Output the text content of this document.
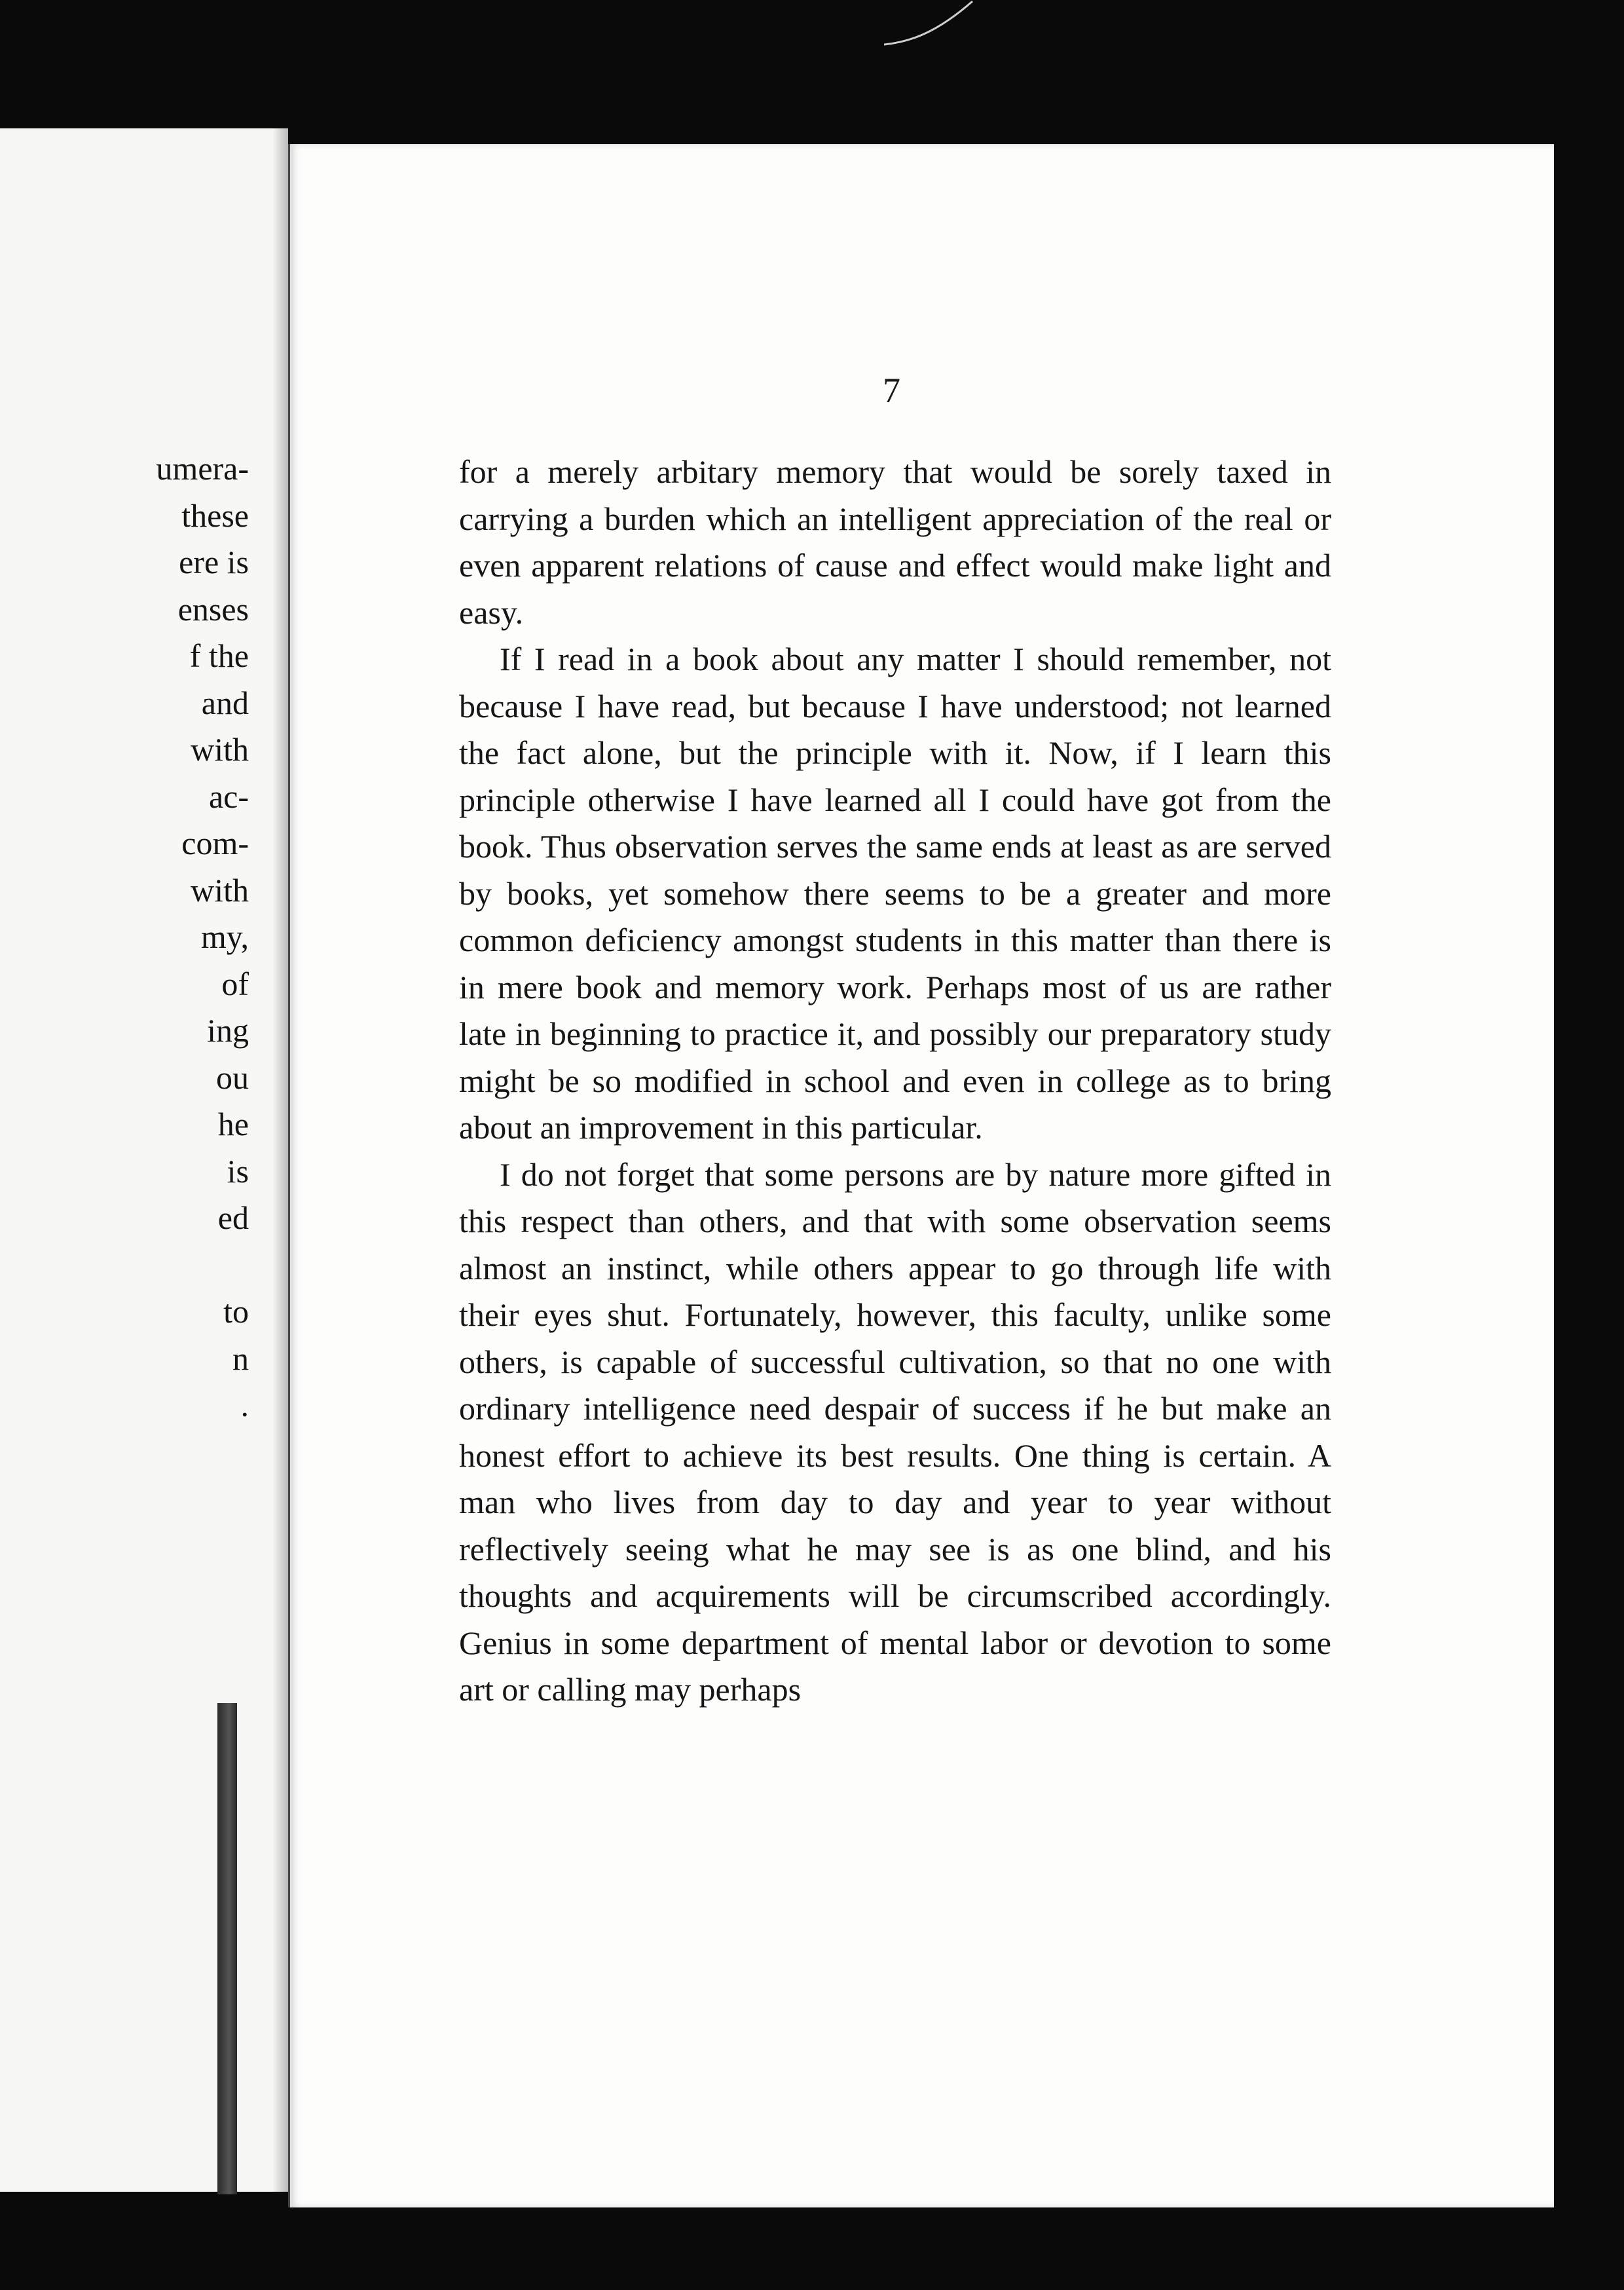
umera-
these
ere is
enses
f the
and
with
ac-
com-
with
my,
of
ing
ou
he
is
ed

to
n
.
7

for a merely arbitary memory that would be sorely taxed in carrying a burden which an intelligent appreciation of the real or even apparent relations of cause and effect would make light and easy.

If I read in a book about any matter I should remember, not because I have read, but because I have understood; not learned the fact alone, but the principle with it. Now, if I learn this principle otherwise I have learned all I could have got from the book. Thus observation serves the same ends at least as are served by books, yet somehow there seems to be a greater and more common deficiency amongst students in this matter than there is in mere book and memory work. Perhaps most of us are rather late in beginning to practice it, and possibly our preparatory study might be so modified in school and even in college as to bring about an improvement in this particular.

I do not forget that some persons are by nature more gifted in this respect than others, and that with some observation seems almost an instinct, while others appear to go through life with their eyes shut. Fortunately, however, this faculty, unlike some others, is capable of successful cultivation, so that no one with ordinary intelligence need despair of success if he but make an honest effort to achieve its best results. One thing is certain. A man who lives from day to day and year to year without reflectively seeing what he may see is as one blind, and his thoughts and acquirements will be circumscribed accordingly. Genius in some department of mental labor or devotion to some art or calling may perhaps
